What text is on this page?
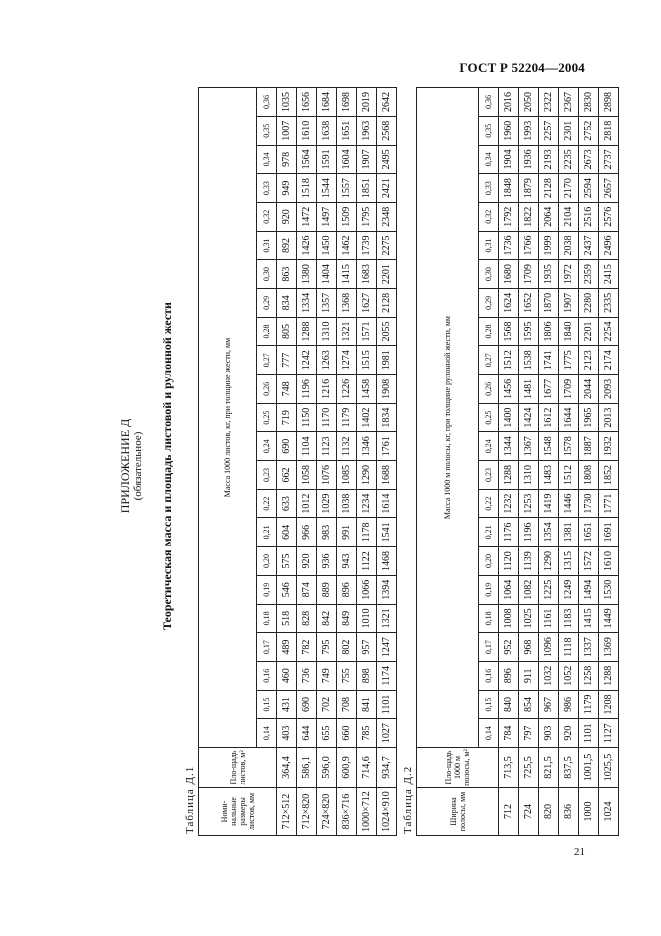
ГОСТ Р 52204—2004
ПРИЛОЖЕНИЕ Д (обязательное) Теоретическая масса и площадь листовой и рулонной жести
Таблица Д.1	Номи-нальные размеры листов, мм	Пло-щадь листов, м²	Масса 1000 листов, кг, при толщине жести, мм																						
		0,14	0,15	0,16	0,17	0,18	0,19	0,20	0,21	0,22	0,23	0,24	0,25	0,26	0,27	0,28	0,29	0,30	0,31	0,32	0,33	0,34	0,35	0,36
712×512	364,4	403	431	460	489	518	546	575	604	633	662	690	719	748	777	805	834	863	892	920	949	978	1007	1035
712×820	586,1	644	690	736	782	828	874	920	966	1012	1058	1104	1150	1196	1242	1288	1334	1380	1426	1472	1518	1564	1610	1656
724×820	596,0	655	702	749	795	842	889	936	983	1029	1076	1123	1170	1216	1263	1310	1357	1404	1450	1497	1544	1591	1638	1684
836×716	600,9	660	708	755	802	849	896	943	991	1038	1085	1132	1179	1226	1274	1321	1368	1415	1462	1509	1557	1604	1651	1698
1000×712	714,6	785	841	898	957	1010	1066	1122	1178	1234	1290	1346	1402	1458	1515	1571	1627	1683	1739	1795	1851	1907	1963	2019
1024×910	934,7	1027	1101	1174	1247	1321	1394	1468	1541	1614	1688	1761	1834	1908	1981	2055	2128	2201	2275	2348	2421	2495	2568	2642
Таблица Д.2	Ширина полосы, мм	Пло-щадь 1000 м полосы, м²	Масса 1000 м полосы, кг, при толщине рулонной жести, мм																						
		0,14	0,15	0,16	0,17	0,18	0,19	0,20	0,21	0,22	0,23	0,24	0,25	0,26	0,27	0,28	0,29	0,30	0,31	0,32	0,33	0,34	0,35	0,36
712	713,5	784	840	896	952	1008	1064	1120	1176	1232	1288	1344	1400	1456	1512	1568	1624	1680	1736	1792	1848	1904	1960	2016
724	725,5	797	854	911	968	1025	1082	1139	1196	1253	1310	1367	1424	1481	1538	1595	1652	1709	1766	1822	1879	1936	1993	2050
820	821,5	903	967	1032	1096	1161	1225	1290	1354	1419	1483	1548	1612	1677	1741	1806	1870	1935	1999	2064	2128	2193	2257	2322
836	837,5	920	986	1052	1118	1183	1249	1315	1381	1446	1512	1578	1644	1709	1775	1840	1907	1972	2038	2104	2170	2235	2301	2367
1000	1001,5	1101	1179	1258	1337	1415	1494	1572	1651	1730	1808	1887	1965	2044	2123	2201	2280	2359	2437	2516	2594	2673	2752	2830
1024	1025,5	1127	1208	1288	1369	1449	1530	1610	1691	1771	1852	1932	2013	2093	2174	2254	2335	2415	2496	2576	2657	2737	2818	2898
21
